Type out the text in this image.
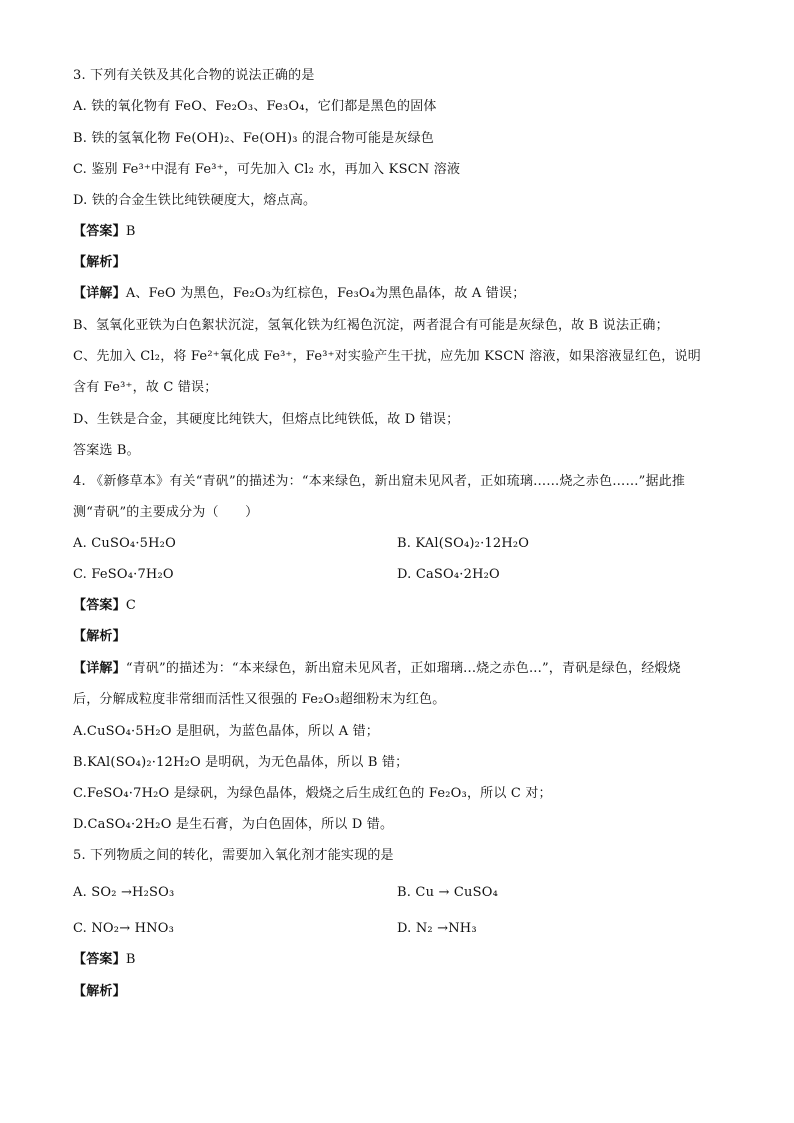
3. 下列有关铁及其化合物的说法正确的是
A. 铁的氧化物有 FeO、Fe₂O₃、Fe₃O₄，它们都是黑色的固体
B. 铁的氢氧化物 Fe(OH)₂、Fe(OH)₃ 的混合物可能是灰绿色
C. 鉴别 Fe³⁺中混有 Fe³⁺，可先加入 Cl₂ 水，再加入 KSCN 溶液
D. 铁的合金生铁比纯铁硬度大，熔点高。
【答案】B
【解析】
【详解】A、FeO 为黑色，Fe₂O₃为红棕色，Fe₃O₄为黑色晶体，故 A 错误；
B、氢氧化亚铁为白色絮状沉淀，氢氧化铁为红褐色沉淀，两者混合有可能是灰绿色，故 B 说法正确；
C、先加入 Cl₂，将 Fe²⁺氧化成 Fe³⁺，Fe³⁺对实验产生干扰，应先加 KSCN 溶液，如果溶液显红色，说明
含有 Fe³⁺，故 C 错误；
D、生铁是合金，其硬度比纯铁大，但熔点比纯铁低，故 D 错误；
答案选 B。
4. 《新修草本》有关“青矾”的描述为：“本来绿色，新出窟未见风者，正如琉璃……烧之赤色……”据此推
测“青矾”的主要成分为（　　）
A. CuSO₄·5H₂O	B. KAl(SO₄)₂·12H₂O
C. FeSO₄·7H₂O	D. CaSO₄·2H₂O
【答案】C
【解析】
【详解】“青矾”的描述为：“本来绿色，新出窟未见风者，正如瑠璃...烧之赤色...”，青矾是绿色，经煅烧
后，分解成粒度非常细而活性又很强的 Fe₂O₃超细粉末为红色。
A.CuSO₄·5H₂O 是胆矾，为蓝色晶体，所以 A 错；
B.KAl(SO₄)₂·12H₂O 是明矾，为无色晶体，所以 B 错；
C.FeSO₄·7H₂O 是绿矾，为绿色晶体，煅烧之后生成红色的 Fe₂O₃，所以 C 对；
D.CaSO₄·2H₂O 是生石膏，为白色固体，所以 D 错。
5. 下列物质之间的转化，需要加入氧化剂才能实现的是
A. SO₂ →H₂SO₃	B. Cu → CuSO₄
C. NO₂→ HNO₃	D. N₂ →NH₃
【答案】B
【解析】
